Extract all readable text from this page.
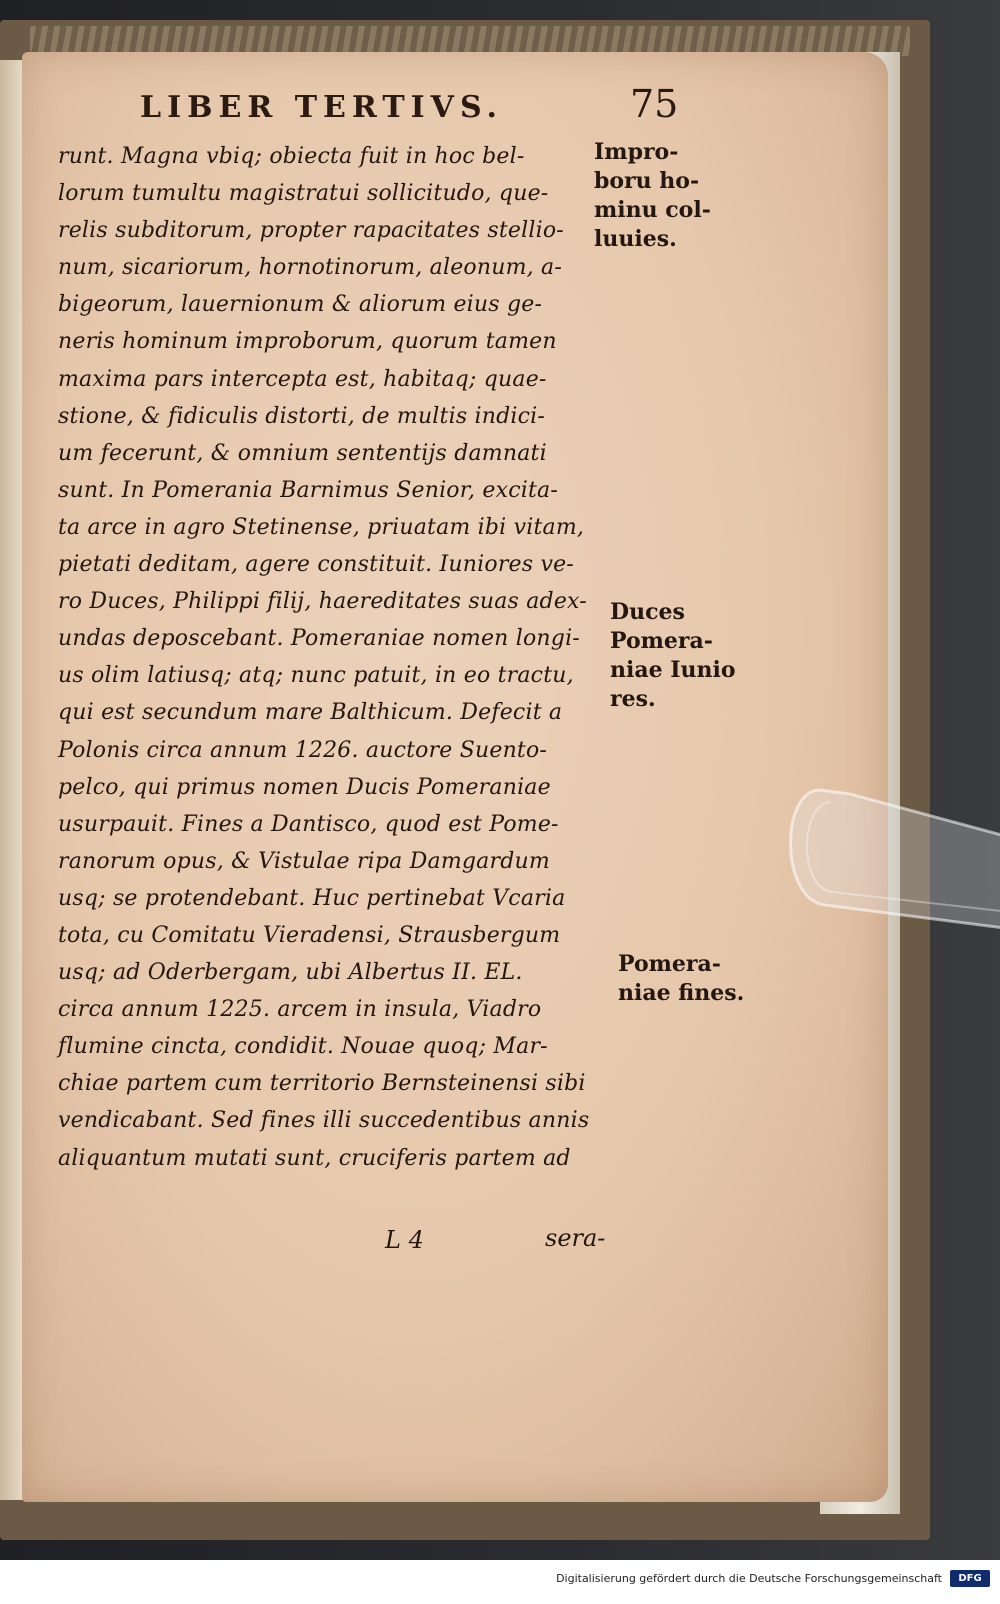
LIBER TERTIVS.	75
runt. Magna vbiq; obiecta fuit in hoc bel-
lorum tumultu magistratui sollicitudo, que-
relis subditorum, propter rapacitates stellio-
num, sicariorum, hornotinorum, aleonum, a-
bigeorum, lauernionum & aliorum eius ge-
neris hominum improborum, quorum tamen
maxima pars intercepta est, habitaq; quae-
stione, & fidiculis distorti, de multis indici-
um fecerunt, & omnium sententijs damnati
sunt. In Pomerania Barnimus Senior, excita-
ta arce in agro Stetinense, priuatam ibi vitam,
pietati deditam, agere constituit. Iuniores ve-
ro Duces, Philippi filij, haereditates suas adex-
undas deposcebant. Pomeraniae nomen longi-
us olim latiusq; atq; nunc patuit, in eo tractu,
qui est secundum mare Balthicum. Defecit a
Polonis circa annum 1226. auctore Suento-
pelco, qui primus nomen Ducis Pomeraniae
usurpauit. Fines a Dantisco, quod est Pome-
ranorum opus, & Vistulae ripa Damgardum
usq; se protendebant. Huc pertinebat Vcaria
tota, cu Comitatu Vieradensi, Strausbergum
usq; ad Oderbergam, ubi Albertus II. EL.
circa annum 1225. arcem in insula, Viadro
flumine cincta, condidit. Nouae quoq; Mar-
chiae partem cum territorio Bernsteinensi sibi
vendicabant. Sed fines illi succedentibus annis
aliquantum mutati sunt, cruciferis partem ad
Impro-
boru ho-
minu col-
luuies.
Duces
Pomera-
niae Iunio
res.
Pomera-
niae fines.
L 4	sera-
Digitalisierung gefördert durch die Deutsche Forschungsgemeinschaft	DFG
